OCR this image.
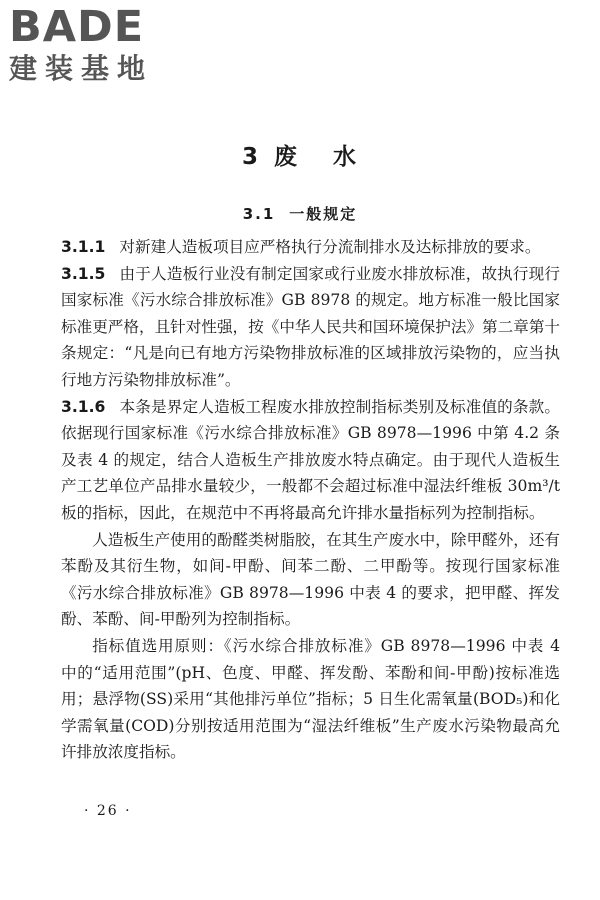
BADE
建装基地
3 废 水
3.1 一般规定

3.1.1 对新建人造板项目应严格执行分流制排水及达标排放的要求。

3.1.5 由于人造板行业没有制定国家或行业废水排放标准，故执行现行国家标准《污水综合排放标准》GB 8978 的规定。地方标准一般比国家标准更严格，且针对性强，按《中华人民共和国环境保护法》第二章第十条规定：“凡是向已有地方污染物排放标准的区域排放污染物的，应当执行地方污染物排放标准”。

3.1.6 本条是界定人造板工程废水排放控制指标类别及标准值的条款。依据现行国家标准《污水综合排放标准》GB 8978—1996 中第 4.2 条及表 4 的规定，结合人造板生产排放废水特点确定。由于现代人造板生产工艺单位产品排水量较少，一般都不会超过标准中湿法纤维板 30m³/t 板的指标，因此，在规范中不再将最高允许排水量指标列为控制指标。

人造板生产使用的酚醛类树脂胶，在其生产废水中，除甲醛外，还有苯酚及其衍生物，如间-甲酚、间苯二酚、二甲酚等。按现行国家标准《污水综合排放标准》GB 8978—1996 中表 4 的要求，把甲醛、挥发酚、苯酚、间-甲酚列为控制指标。

指标值选用原则：《污水综合排放标准》GB 8978—1996 中表 4 中的“适用范围”(pH、色度、甲醛、挥发酚、苯酚和间-甲酚)按标准选用；悬浮物(SS)采用“其他排污单位”指标；5 日生化需氧量(BOD₅)和化学需氧量(COD)分别按适用范围为“湿法纤维板”生产废水污染物最高允许排放浓度指标。

· 26 ·
